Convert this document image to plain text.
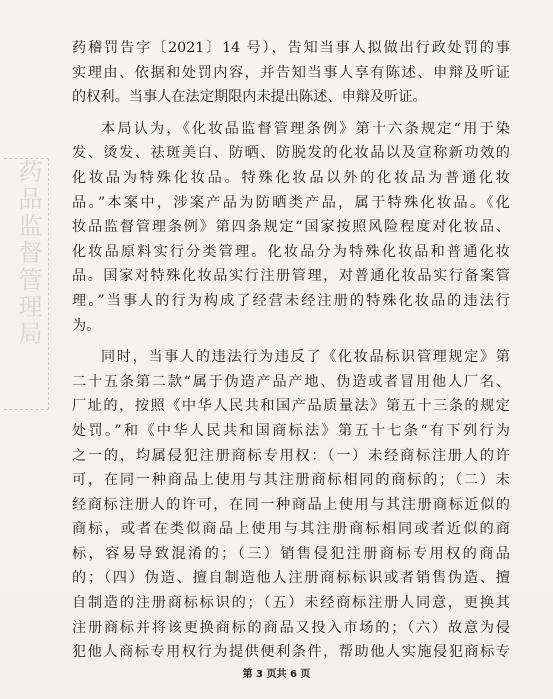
药品监督管理局
药稽罚告字〔2021〕14 号），告知当事人拟做出行政处罚的事
实理由、依据和处罚内容，并告知当事人享有陈述、申辩及听证
的权利。当事人在法定期限内未提出陈述、申辩及听证。
本局认为，《化妆品监督管理条例》第十六条规定“用于染
发、烫发、祛斑美白、防晒、防脱发的化妆品以及宣称新功效的
化妆品为特殊化妆品。特殊化妆品以外的化妆品为普通化妆
品。”本案中，涉案产品为防晒类产品，属于特殊化妆品。《化
妆品监督管理条例》第四条规定“国家按照风险程度对化妆品、
化妆品原料实行分类管理。化妆品分为特殊化妆品和普通化妆
品。国家对特殊化妆品实行注册管理，对普通化妆品实行备案管
理。”当事人的行为构成了经营未经注册的特殊化妆品的违法行
为。
同时，当事人的违法行为违反了《化妆品标识管理规定》第
二十五条第二款“属于伪造产品产地、伪造或者冒用他人厂名、
厂址的，按照《中华人民共和国产品质量法》第五十三条的规定
处罚。”和《中华人民共和国商标法》第五十七条“有下列行为
之一的，均属侵犯注册商标专用权：（一）未经商标注册人的许
可，在同一种商品上使用与其注册商标相同的商标的；（二）未
经商标注册人的许可，在同一种商品上使用与其注册商标近似的
商标，或者在类似商品上使用与其注册商标相同或者近似的商
标，容易导致混淆的；（三）销售侵犯注册商标专用权的商品
的；（四）伪造、擅自制造他人注册商标标识或者销售伪造、擅
自制造的注册商标标识的；（五）未经商标注册人同意，更换其
注册商标并将该更换商标的商品又投入市场的；（六）故意为侵
犯他人商标专用权行为提供便利条件，帮助他人实施侵犯商标专
第 3 页共 6 页
